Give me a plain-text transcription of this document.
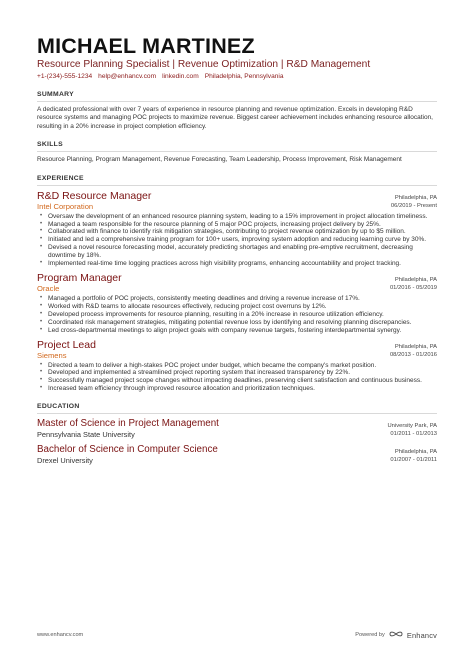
MICHAEL MARTINEZ
Resource Planning Specialist | Revenue Optimization | R&D Management
+1-(234)-555-1234 help@enhancv.com linkedin.com Philadelphia, Pennsylvania
SUMMARY
A dedicated professional with over 7 years of experience in resource planning and revenue optimization. Excels in developing R&D resource systems and managing POC projects to maximize revenue. Biggest career achievement includes enhancing resource allocation, resulting in a 20% increase in project completion efficiency.
SKILLS
Resource Planning, Program Management, Revenue Forecasting, Team Leadership, Process Improvement, Risk Management
EXPERIENCE
R&D Resource Manager	Philadelphia, PA
Intel Corporation	06/2019 - Present
• Oversaw the development of an enhanced resource planning system, leading to a 15% improvement in project allocation timeliness.
• Managed a team responsible for the resource planning of 5 major POC projects, increasing project delivery by 25%.
• Collaborated with finance to identify risk mitigation strategies, contributing to project revenue optimization by up to $5 million.
• Initiated and led a comprehensive training program for 100+ users, improving system adoption and reducing learning curve by 30%.
• Devised a novel resource forecasting model, accurately predicting shortages and enabling pre-emptive recruitment, decreasing downtime by 18%.
• Implemented real-time time logging practices across high visibility programs, enhancing accountability and project tracking.
Program Manager	Philadelphia, PA
Oracle	01/2016 - 05/2019
• Managed a portfolio of POC projects, consistently meeting deadlines and driving a revenue increase of 17%.
• Worked with R&D teams to allocate resources effectively, reducing project cost overruns by 12%.
• Developed process improvements for resource planning, resulting in a 20% increase in resource utilization efficiency.
• Coordinated risk management strategies, mitigating potential revenue loss by identifying and resolving planning discrepancies.
• Led cross-departmental meetings to align project goals with company revenue targets, fostering interdepartmental synergy.
Project Lead	Philadelphia, PA
Siemens	08/2013 - 01/2016
• Directed a team to deliver a high-stakes POC project under budget, which became the company's market position.
• Developed and implemented a streamlined project reporting system that increased transparency by 22%.
• Successfully managed project scope changes without impacting deadlines, preserving client satisfaction and continuous business.
• Increased team efficiency through improved resource allocation and prioritization techniques.
EDUCATION
Master of Science in Project Management	University Park, PA
Pennsylvania State University	01/2011 - 01/2013
Bachelor of Science in Computer Science	Philadelphia, PA
Drexel University	01/2007 - 01/2011
www.enhancv.com	Powered by	Enhancv
